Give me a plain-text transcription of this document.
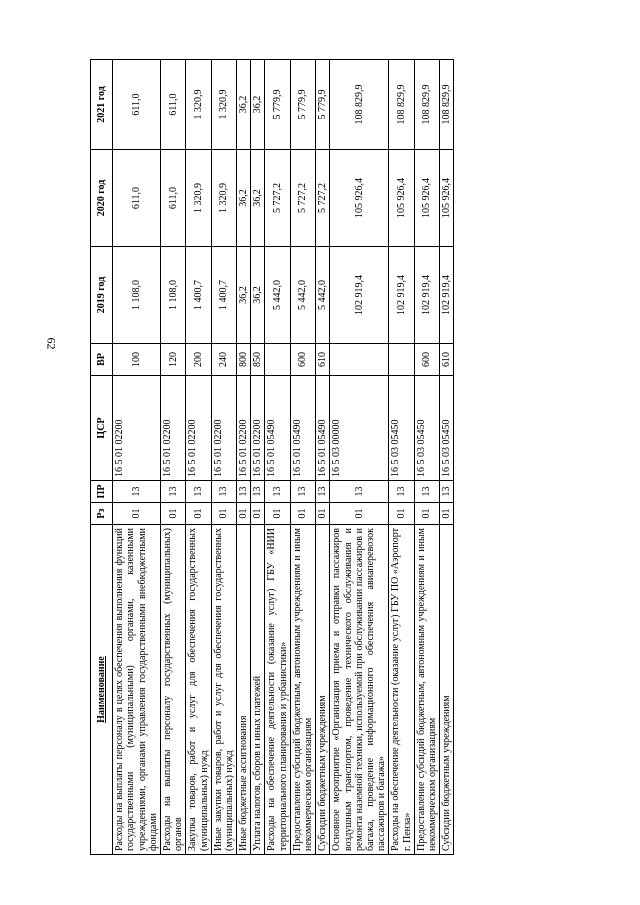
62
Наименование	Рз	ПР	ЦСР	ВР	2019 год	2020 год	2021 год
Расходы на выплаты персоналу в целях обеспечения выполнения функций государственными (муниципальными) органами, казенными учреждениями, органами управления государственными внебюджетными фондами	01	13	16 5 01 02200	100	1 108,0	611,0	611,0
Расходы на выплаты персоналу государственных (муниципальных) органов	01	13	16 5 01 02200	120	1 108,0	611,0	611,0
Закупка товаров, работ и услуг для обеспечения государственных (муниципальных) нужд	01	13	16 5 01 02200	200	1 400,7	1 320,9	1 320,9
Иные закупки товаров, работ и услуг для обеспечения государственных (муниципальных) нужд	01	13	16 5 01 02200	240	1 400,7	1 320,9	1 320,9
Иные бюджетные ассигнования	01	13	16 5 01 02200	800	36,2	36,2	36,2
Уплата налогов, сборов и иных платежей	01	13	16 5 01 02200	850	36,2	36,2	36,2
Расходы на обеспечение деятельности (оказание услуг) ГБУ «НИИ территориального планирования и урбанистики»	01	13	16 5 01 05490		5 442,0	5 727,2	5 779,9
Предоставление субсидий бюджетным, автономным учреждениям и иным некоммерческим организациям	01	13	16 5 01 05490	600	5 442,0	5 727,2	5 779,9
Субсидии бюджетным учреждениям	01	13	16 5 01 05490	610	5 442,0	5 727,2	5 779,9
Основное мероприятие «Организация приема и отправки пассажиров воздушным транспортом, проведение технического обслуживания и ремонта наземной техники, используемой при обслуживании пассажиров и багажа, проведение информационного обеспечения авиаперевозок пассажиров и багажа»	01	13	16 5 03 00000		102 919,4	105 926,4	108 829,9
Расходы на обеспечение деятельности (оказание услуг) ГБУ ПО «Аэропорт г. Пенза»	01	13	16 5 03 05450		102 919,4	105 926,4	108 829,9
Предоставление субсидий бюджетным, автономным учреждениям и иным некоммерческим организациям	01	13	16 5 03 05450	600	102 919,4	105 926,4	108 829,9
Субсидии бюджетным учреждениям	01	13	16 5 03 05450	610	102 919,4	105 926,4	108 829,9
